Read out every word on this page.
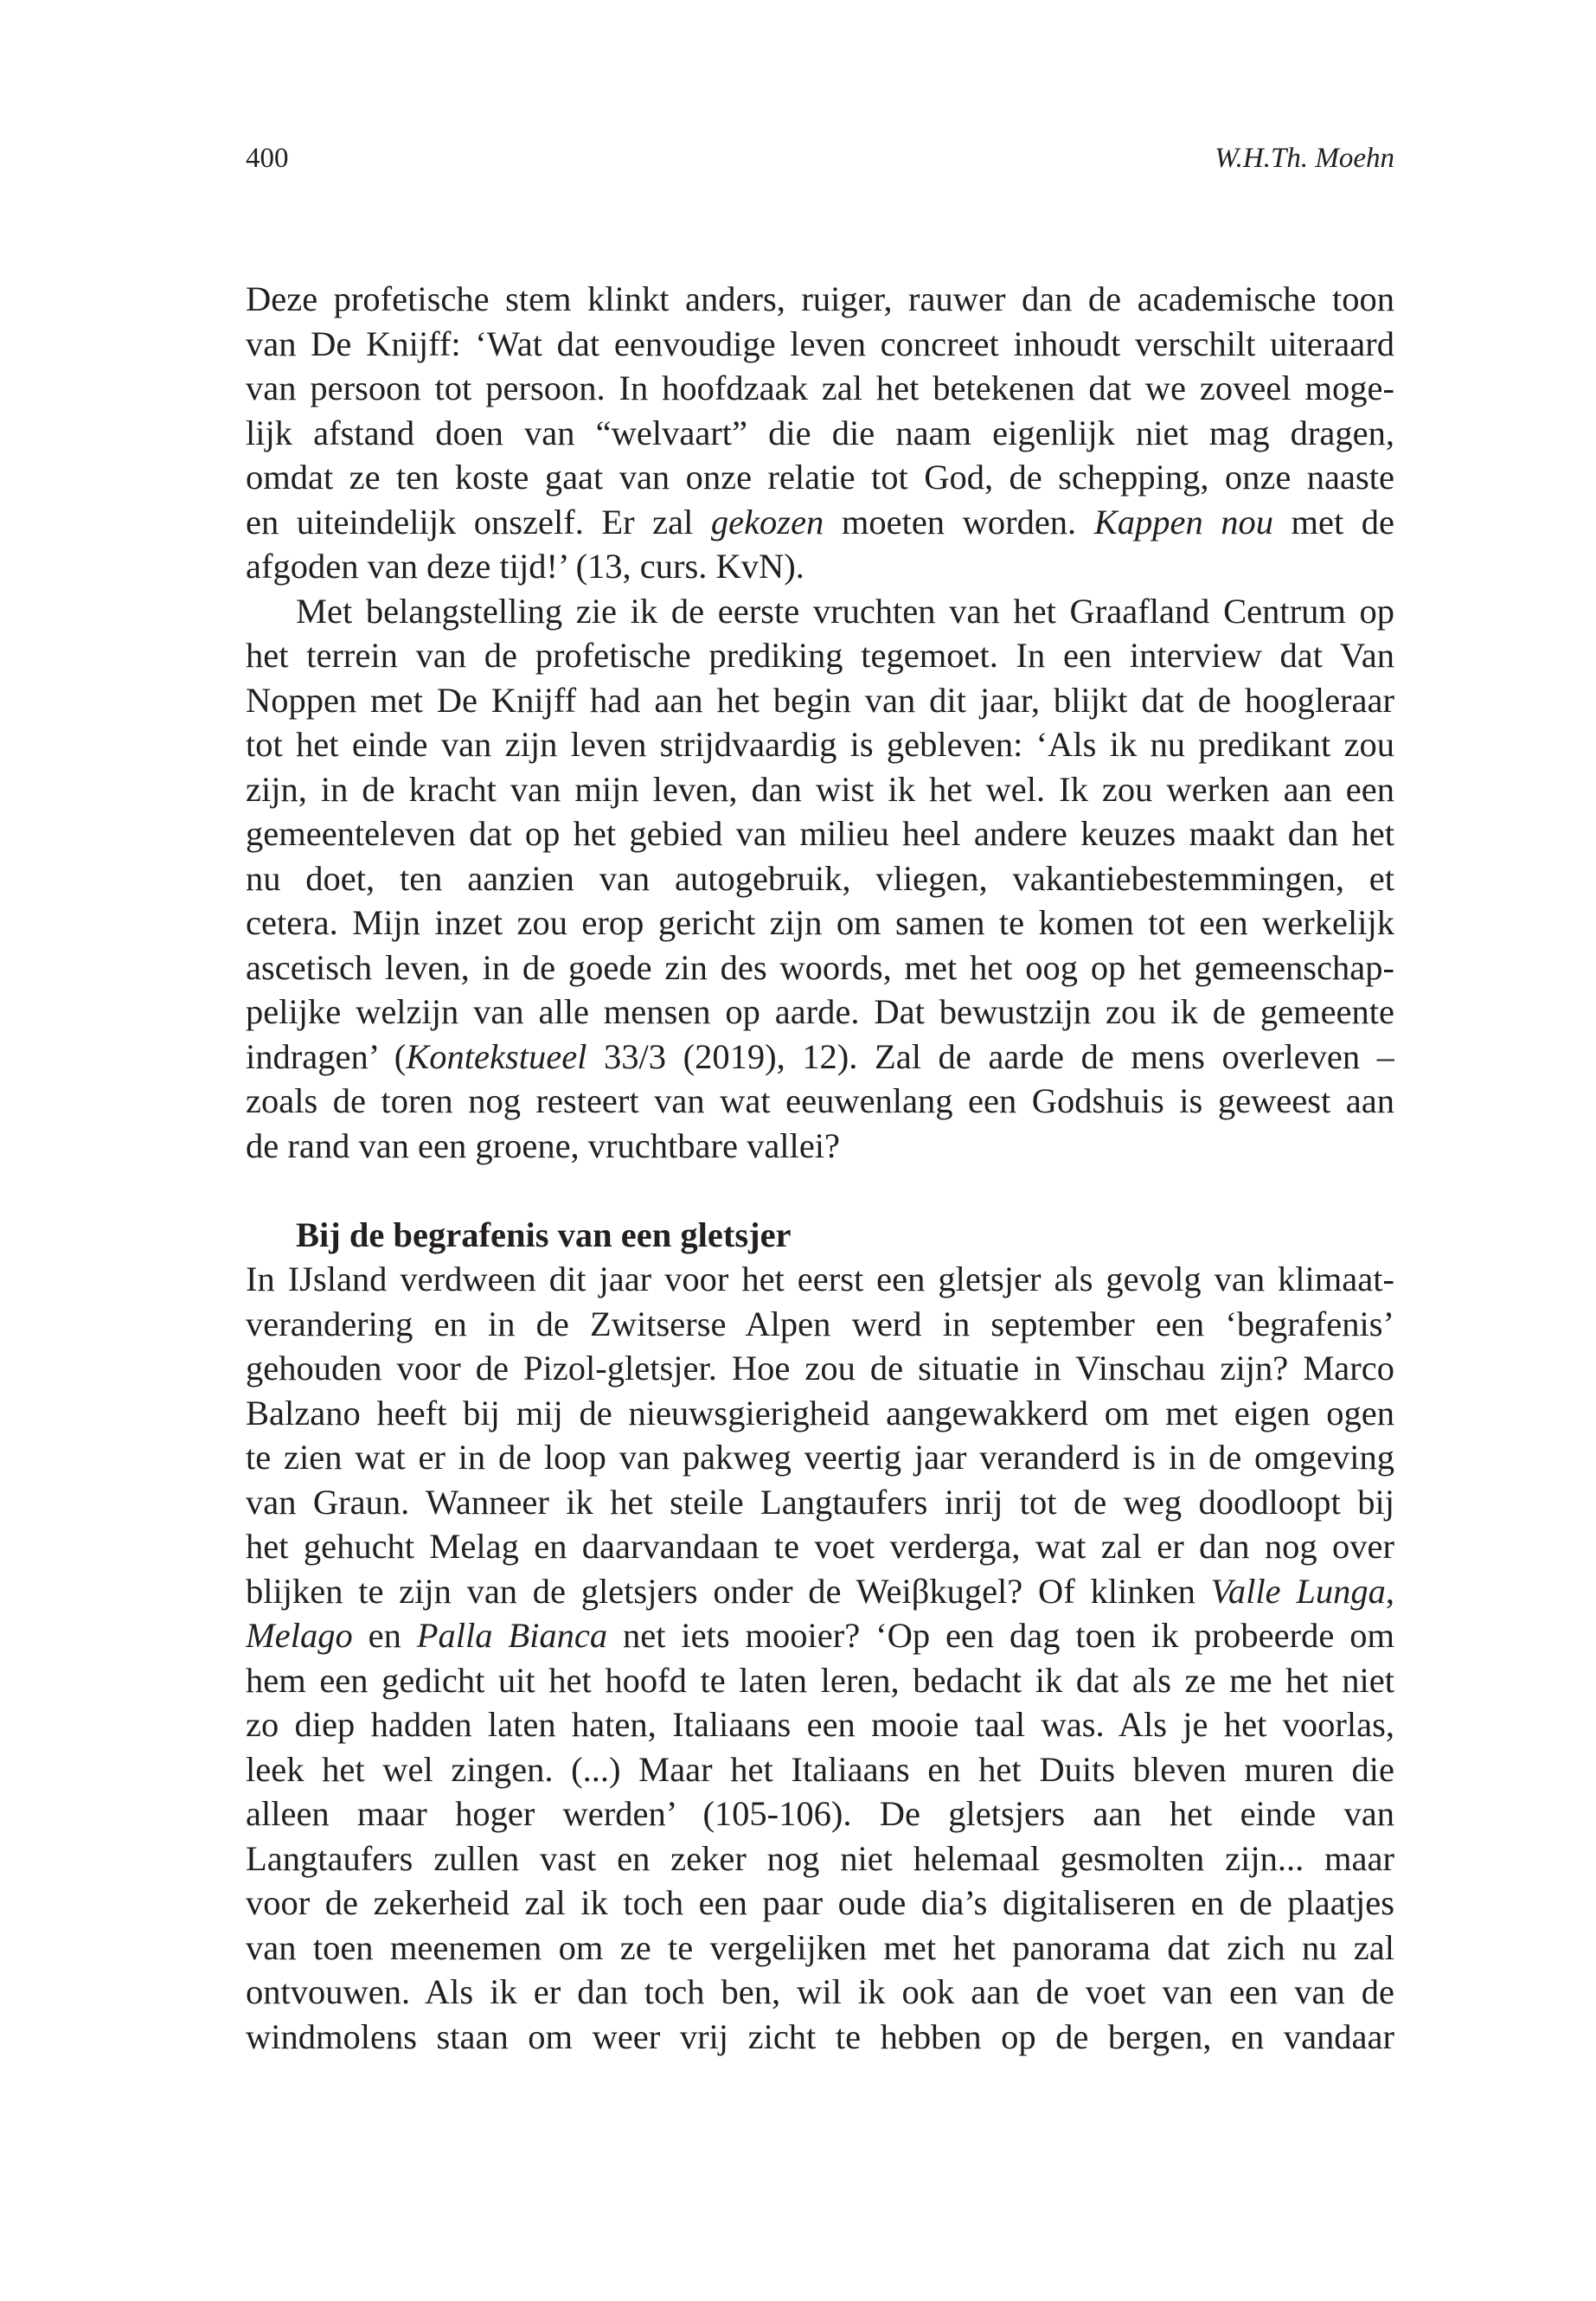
400	W.H.Th. Moehn
Deze profetische stem klinkt anders, ruiger, rauwer dan de academische toon
van De Knijff: ‘Wat dat eenvoudige leven concreet inhoudt verschilt uiteraard
van persoon tot persoon. In hoofdzaak zal het betekenen dat we zoveel moge-
lijk afstand doen van “welvaart” die die naam eigenlijk niet mag dragen,
omdat ze ten koste gaat van onze relatie tot God, de schepping, onze naaste
en uiteindelijk onszelf. Er zal gekozen moeten worden. Kappen nou met de
afgoden van deze tijd!’ (13, curs. KvN).
Met belangstelling zie ik de eerste vruchten van het Graafland Centrum op
het terrein van de profetische prediking tegemoet. In een interview dat Van
Noppen met De Knijff had aan het begin van dit jaar, blijkt dat de hoogleraar
tot het einde van zijn leven strijdvaardig is gebleven: ‘Als ik nu predikant zou
zijn, in de kracht van mijn leven, dan wist ik het wel. Ik zou werken aan een
gemeenteleven dat op het gebied van milieu heel andere keuzes maakt dan het
nu doet, ten aanzien van autogebruik, vliegen, vakantiebestemmingen, et
cetera. Mijn inzet zou erop gericht zijn om samen te komen tot een werkelijk
ascetisch leven, in de goede zin des woords, met het oog op het gemeenschap-
pelijke welzijn van alle mensen op aarde. Dat bewustzijn zou ik de gemeente
indragen’ (Kontekstueel 33/3 (2019), 12). Zal de aarde de mens overleven –
zoals de toren nog resteert van wat eeuwenlang een Godshuis is geweest aan
de rand van een groene, vruchtbare vallei?
Bij de begrafenis van een gletsjer
In IJsland verdween dit jaar voor het eerst een gletsjer als gevolg van klimaat-
verandering en in de Zwitserse Alpen werd in september een ‘begrafenis’
gehouden voor de Pizol-gletsjer. Hoe zou de situatie in Vinschau zijn? Marco
Balzano heeft bij mij de nieuwsgierigheid aangewakkerd om met eigen ogen
te zien wat er in de loop van pakweg veertig jaar veranderd is in de omgeving
van Graun. Wanneer ik het steile Langtaufers inrij tot de weg doodloopt bij
het gehucht Melag en daarvandaan te voet verderga, wat zal er dan nog over
blijken te zijn van de gletsjers onder de Weiβkugel? Of klinken Valle Lunga,
Melago en Palla Bianca net iets mooier? ‘Op een dag toen ik probeerde om
hem een gedicht uit het hoofd te laten leren, bedacht ik dat als ze me het niet
zo diep hadden laten haten, Italiaans een mooie taal was. Als je het voorlas,
leek het wel zingen. (...) Maar het Italiaans en het Duits bleven muren die
alleen maar hoger werden’ (105-106). De gletsjers aan het einde van
Langtaufers zullen vast en zeker nog niet helemaal gesmolten zijn... maar
voor de zekerheid zal ik toch een paar oude dia’s digitaliseren en de plaatjes
van toen meenemen om ze te vergelijken met het panorama dat zich nu zal
ontvouwen. Als ik er dan toch ben, wil ik ook aan de voet van een van de
windmolens staan om weer vrij zicht te hebben op de bergen, en vandaar
